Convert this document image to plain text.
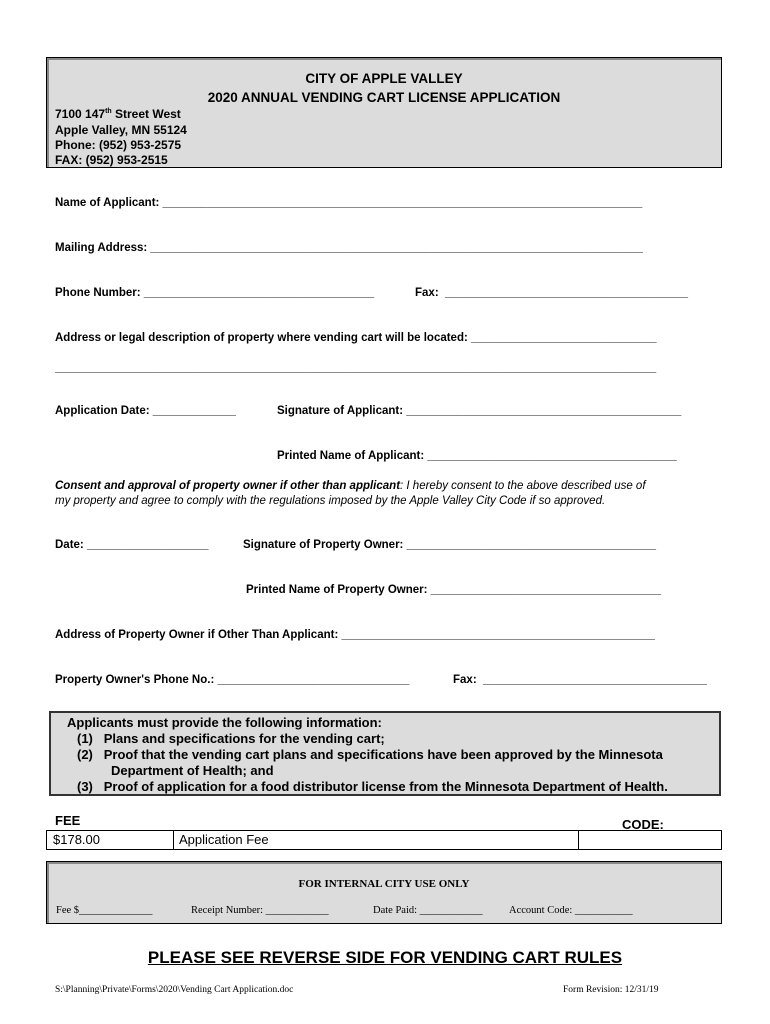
CITY OF APPLE VALLEY
2020 ANNUAL VENDING CART LICENSE APPLICATION
7100 147th Street West
Apple Valley, MN 55124
Phone: (952) 953-2575
FAX: (952) 953-2515
Name of Applicant: ___________________________________________________________________________
Mailing Address: _____________________________________________________________________________
Phone Number: ____________________________________	Fax:  ______________________________________
Address or legal description of property where vending cart will be located: _____________________________
______________________________________________________________________________________________
Application Date: _____________	Signature of Applicant: ___________________________________________
Printed Name of Applicant: _______________________________________
Consent and approval of property owner if other than applicant: I hereby consent to the above described use of
my property and agree to comply with the regulations imposed by the Apple Valley City Code if so approved.
Date: ___________________	Signature of Property Owner: _______________________________________
Printed Name of Property Owner: ____________________________________
Address of Property Owner if Other Than Applicant: _________________________________________________
Property Owner's Phone No.: ______________________________	Fax:  ___________________________________
Applicants must provide the following information:
(1)   Plans and specifications for the vending cart;
(2)   Proof that the vending cart plans and specifications have been approved by the Minnesota
Department of Health; and
(3)   Proof of application for a food distributor license from the Minnesota Department of Health.
FEE	CODE:
$178.00	Application Fee
FOR INTERNAL CITY USE ONLY
Fee $______________	Receipt Number: ____________	Date Paid: ____________	Account Code: ___________
PLEASE SEE REVERSE SIDE FOR VENDING CART RULES
S:\Planning\Private\Forms\2020\Vending Cart Application.doc	Form Revision: 12/31/19
